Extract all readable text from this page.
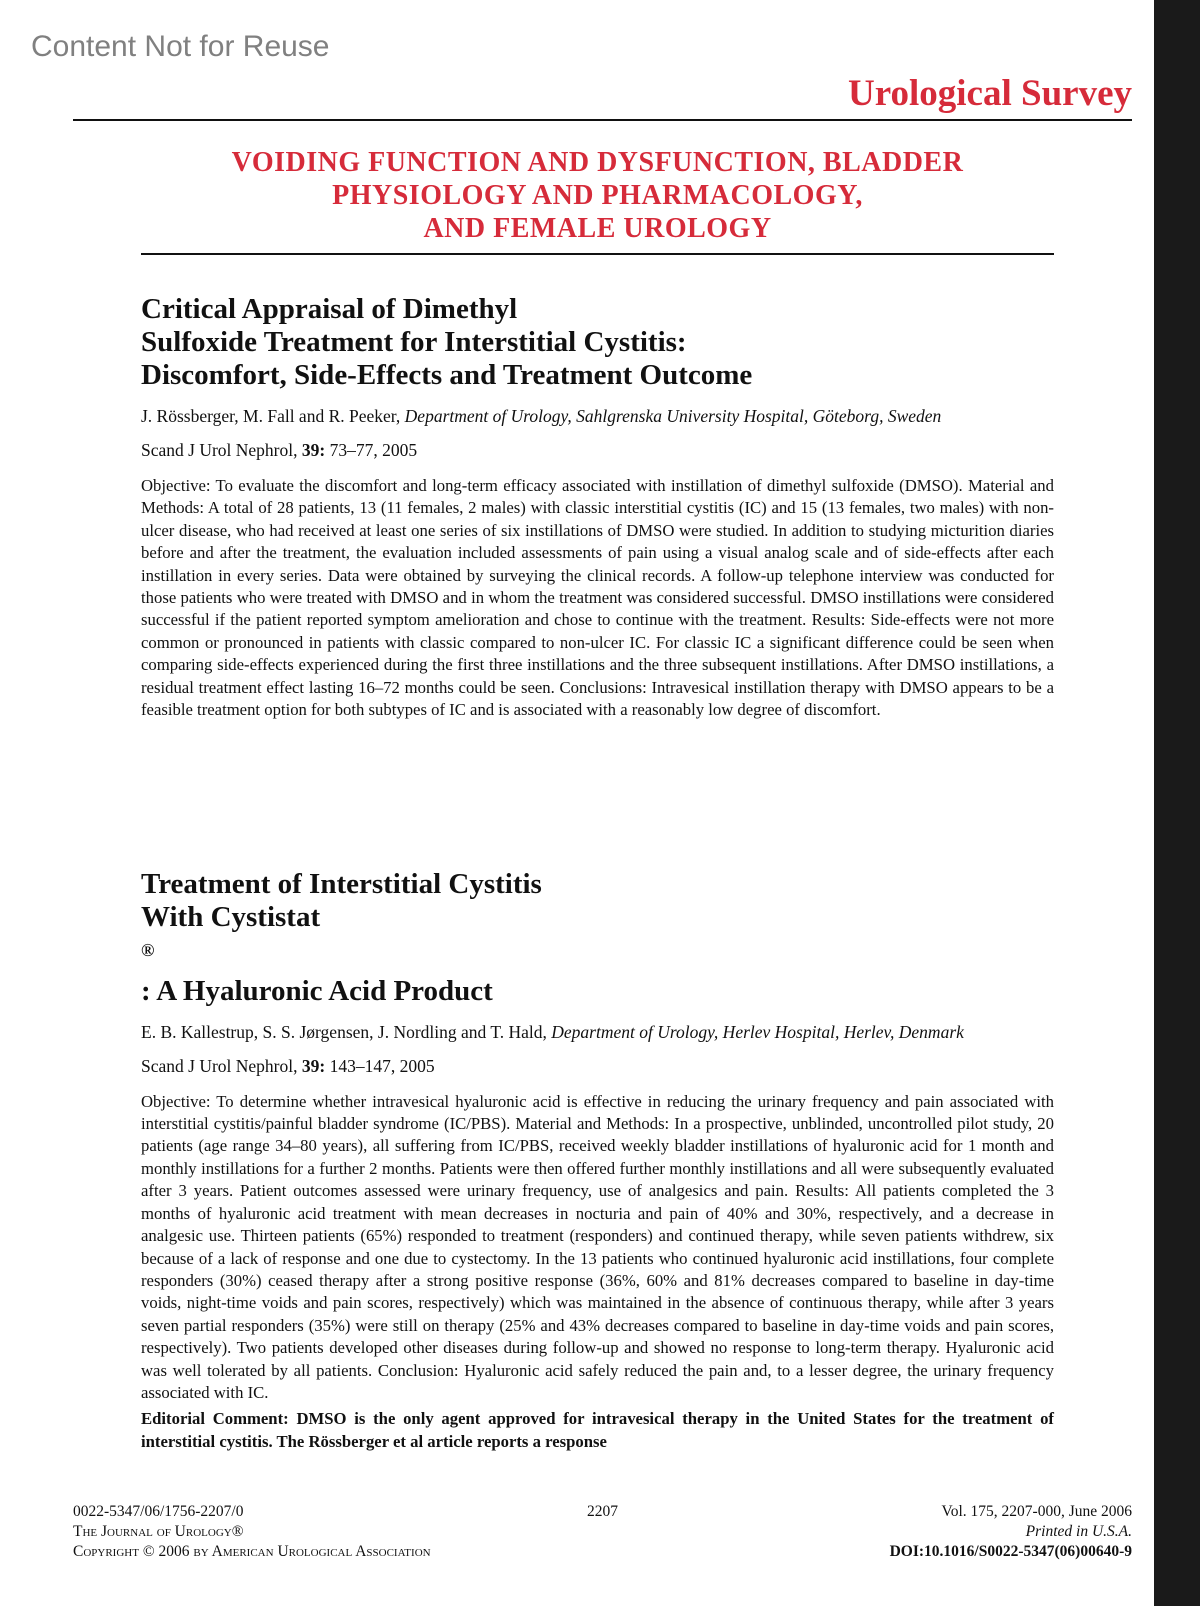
Content Not for Reuse
Urological Survey
VOIDING FUNCTION AND DYSFUNCTION, BLADDER
PHYSIOLOGY AND PHARMACOLOGY,
AND FEMALE UROLOGY
Critical Appraisal of Dimethyl
Sulfoxide Treatment for Interstitial Cystitis:
Discomfort, Side-Effects and Treatment Outcome

J. Rössberger, M. Fall and R. Peeker, Department of Urology, Sahlgrenska University Hospital, Göteborg, Sweden

Scand J Urol Nephrol, 39: 73–77, 2005

Objective: To evaluate the discomfort and long-term efficacy associated with instillation of dimethyl sulfoxide (DMSO). Material and Methods: A total of 28 patients, 13 (11 females, 2 males) with classic interstitial cystitis (IC) and 15 (13 females, two males) with non-ulcer disease, who had received at least one series of six instillations of DMSO were studied. In addition to studying micturition diaries before and after the treatment, the evaluation included assessments of pain using a visual analog scale and of side-effects after each instillation in every series. Data were obtained by surveying the clinical records. A follow-up telephone interview was conducted for those patients who were treated with DMSO and in whom the treatment was considered successful. DMSO instillations were considered successful if the patient reported symptom amelioration and chose to continue with the treatment. Results: Side-effects were not more common or pronounced in patients with classic compared to non-ulcer IC. For classic IC a significant difference could be seen when comparing side-effects experienced during the first three instillations and the three subsequent instillations. After DMSO instillations, a residual treatment effect lasting 16–72 months could be seen. Conclusions: Intravesical instillation therapy with DMSO appears to be a feasible treatment option for both subtypes of IC and is associated with a reasonably low degree of discomfort.

Treatment of Interstitial Cystitis
With Cystistat
®
: A Hyaluronic Acid Product

E. B. Kallestrup, S. S. Jørgensen, J. Nordling and T. Hald, Department of Urology, Herlev Hospital, Herlev, Denmark

Scand J Urol Nephrol, 39: 143–147, 2005

Objective: To determine whether intravesical hyaluronic acid is effective in reducing the urinary frequency and pain associated with interstitial cystitis/painful bladder syndrome (IC/PBS). Material and Methods: In a prospective, unblinded, uncontrolled pilot study, 20 patients (age range 34–80 years), all suffering from IC/PBS, received weekly bladder instillations of hyaluronic acid for 1 month and monthly instillations for a further 2 months. Patients were then offered further monthly instillations and all were subsequently evaluated after 3 years. Patient outcomes assessed were urinary frequency, use of analgesics and pain. Results: All patients completed the 3 months of hyaluronic acid treatment with mean decreases in nocturia and pain of 40% and 30%, respectively, and a decrease in analgesic use. Thirteen patients (65%) responded to treatment (responders) and continued therapy, while seven patients withdrew, six because of a lack of response and one due to cystectomy. In the 13 patients who continued hyaluronic acid instillations, four complete responders (30%) ceased therapy after a strong positive response (36%, 60% and 81% decreases compared to baseline in day-time voids, night-time voids and pain scores, respectively) which was maintained in the absence of continuous therapy, while after 3 years seven partial responders (35%) were still on therapy (25% and 43% decreases compared to baseline in day-time voids and pain scores, respectively). Two patients developed other diseases during follow-up and showed no response to long-term therapy. Hyaluronic acid was well tolerated by all patients. Conclusion: Hyaluronic acid safely reduced the pain and, to a lesser degree, the urinary frequency associated with IC.

Editorial Comment: DMSO is the only agent approved for intravesical therapy in the United States for the treatment of interstitial cystitis. The Rössberger et al article reports a response

0022-5347/06/1756-2207/0
The Journal of Urology®
Copyright © 2006 by American Urological Association
2207	Vol. 175, 2207-000, June 2006
Printed in U.S.A.
DOI:10.1016/S0022-5347(06)00640-9
